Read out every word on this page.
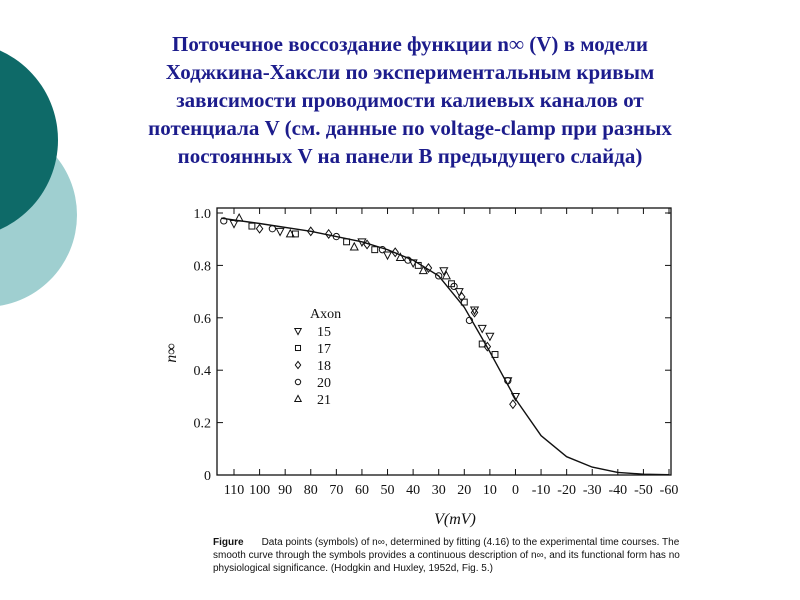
Поточечное воссоздание функции n∞ (V) в модели
Ходжкина-Хаксли по экспериментальным кривым
зависимости проводимости калиевых каналов от
потенциала V (см. данные по voltage-clamp при разных
постоянных V на панели В предыдущего слайда)
110 100 90 80 70 60 50 40 30 20 10 0 -10 -20 -30 -40 -50 -60
0
0.2
0.4
0.6
0.8
1.0
V(mV)
n∞
Axon
15
17
18
20
21
Figure Data points (symbols) of n∞, determined by fitting (4.16) to the experimental time courses. The smooth curve through the symbols provides a continuous description of n∞, and its functional form has no physiological significance. (Hodgkin and Huxley, 1952d, Fig. 5.)
